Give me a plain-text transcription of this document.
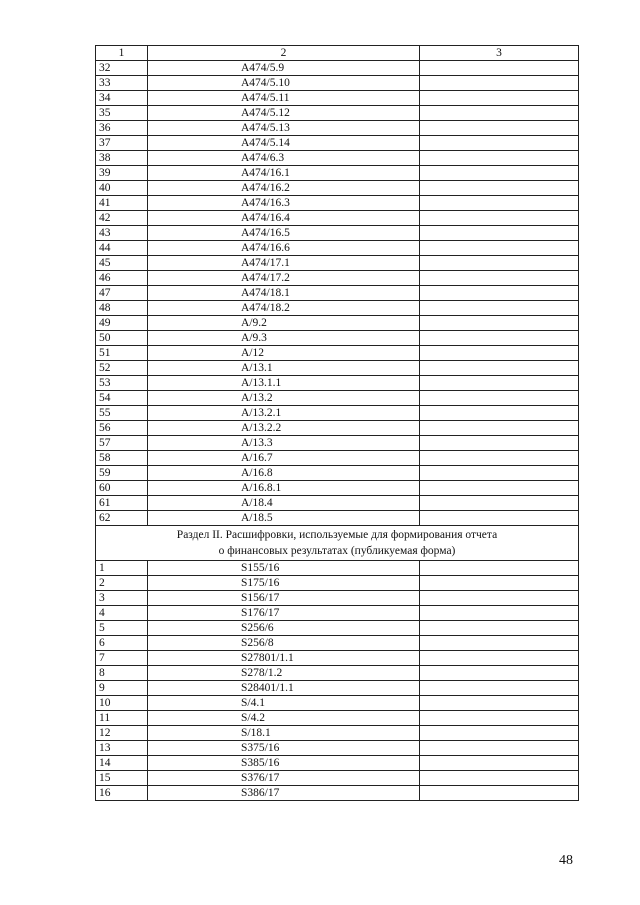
1	2	3
32	A474/5.9	
33	A474/5.10	
34	A474/5.11	
35	A474/5.12	
36	A474/5.13	
37	A474/5.14	
38	A474/6.3	
39	A474/16.1	
40	A474/16.2	
41	A474/16.3	
42	A474/16.4	
43	A474/16.5	
44	A474/16.6	
45	A474/17.1	
46	A474/17.2	
47	A474/18.1	
48	A474/18.2	
49	A/9.2	
50	A/9.3	
51	A/12	
52	A/13.1	
53	A/13.1.1	
54	A/13.2	
55	A/13.2.1	
56	A/13.2.2	
57	A/13.3	
58	A/16.7	
59	A/16.8	
60	A/16.8.1	
61	A/18.4	
62	A/18.5	

Раздел II. Расшифровки, используемые для формирования отчета
о финансовых результатах (публикуемая форма)		

1	S155/16	
2	S175/16	
3	S156/17	
4	S176/17	
5	S256/6	
6	S256/8	
7	S27801/1.1	
8	S278/1.2	
9	S28401/1.1	
10	S/4.1	
11	S/4.2	
12	S/18.1	
13	S375/16	
14	S385/16	
15	S376/17	
16	S386/17	
48
